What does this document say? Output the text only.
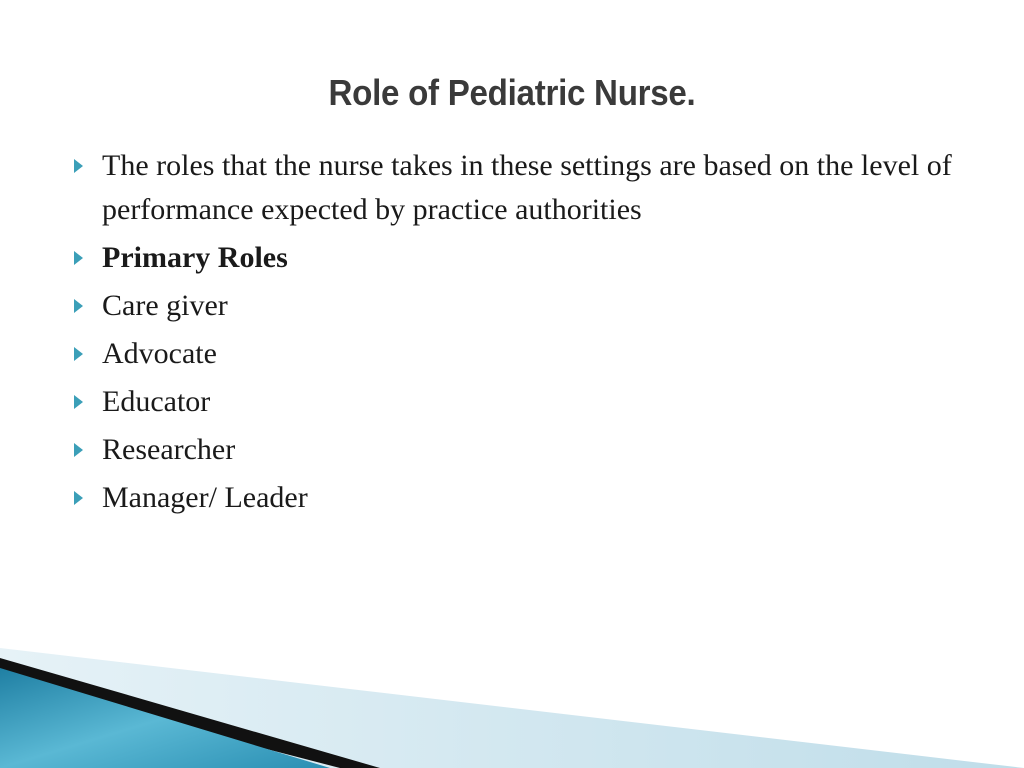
Role of Pediatric Nurse.
The roles that the nurse takes in these settings are based on the level of performance expected by practice authorities
Primary Roles
Care giver
Advocate
Educator
Researcher
Manager/ Leader
